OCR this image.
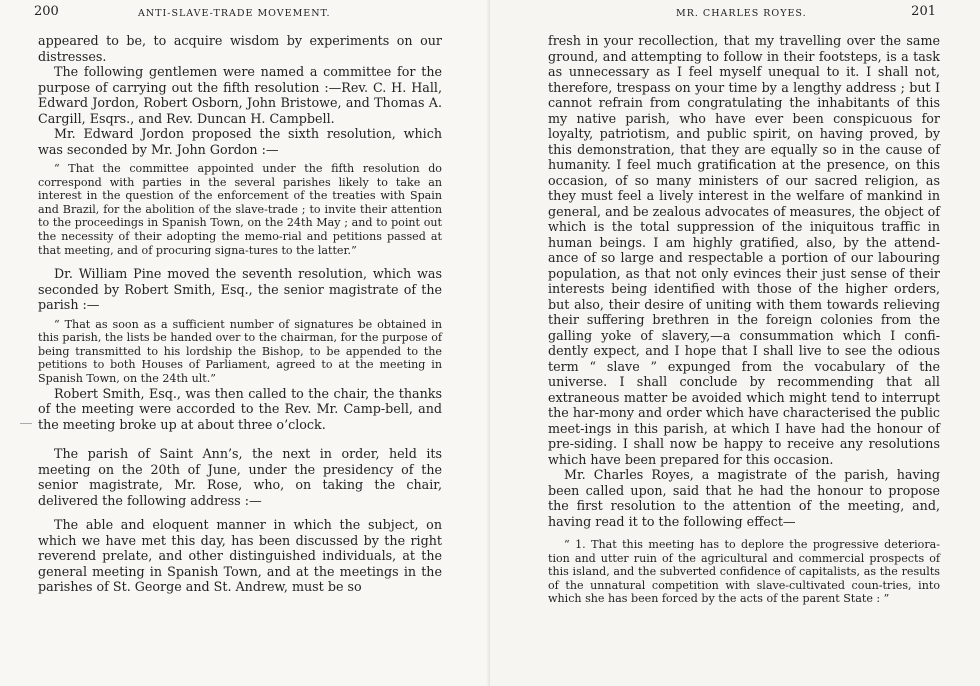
200	ANTI-SLAVE-TRADE MOVEMENT.

appeared to be, to acquire wisdom by experiments on our distresses.

The following gentlemen were named a committee for the purpose of carrying out the fifth resolution :—Rev. C. H. Hall, Edward Jordon, Robert Osborn, John Bristowe, and Thomas A. Cargill, Esqrs., and Rev. Duncan H. Campbell.

Mr. Edward Jordon proposed the sixth resolution, which was seconded by Mr. John Gordon :—

“ That the committee appointed under the fifth resolution do correspond with parties in the several parishes likely to take an interest in the question of the enforcement of the treaties with Spain and Brazil, for the abolition of the slave-trade ; to invite their attention to the proceedings in Spanish Town, on the 24th May ; and to point out the necessity of their adopting the memo-rial and petitions passed at that meeting, and of procuring signa-tures to the latter.”

Dr. William Pine moved the seventh resolution, which was seconded by Robert Smith, Esq., the senior magistrate of the parish :—

“ That as soon as a sufficient number of signatures be obtained in this parish, the lists be handed over to the chairman, for the purpose of being transmitted to his lordship the Bishop, to be appended to the petitions to both Houses of Parliament, agreed to at the meeting in Spanish Town, on the 24th ult.”

Robert Smith, Esq., was then called to the chair, the thanks of the meeting were accorded to the Rev. Mr. Camp-bell, and the meeting broke up at about three o’clock.

The parish of Saint Ann’s, the next in order, held its meeting on the 20th of June, under the presidency of the senior magistrate, Mr. Rose, who, on taking the chair, delivered the following address :—

The able and eloquent manner in which the subject, on which we have met this day, has been discussed by the right reverend prelate, and other distinguished individuals, at the general meeting in Spanish Town, and at the meetings in the parishes of St. George and St. Andrew, must be so

MR. CHARLES ROYES.	201

fresh in your recollection, that my travelling over the same ground, and attempting to follow in their footsteps, is a task as unnecessary as I feel myself unequal to it. I shall not, therefore, trespass on your time by a lengthy address ; but I cannot refrain from congratulating the inhabitants of this my native parish, who have ever been conspicuous for loyalty, patriotism, and public spirit, on having proved, by this demonstration, that they are equally so in the cause of humanity. I feel much gratification at the presence, on this occasion, of so many ministers of our sacred religion, as they must feel a lively interest in the welfare of mankind in general, and be zealous advocates of measures, the object of which is the total suppression of the iniquitous traffic in human beings. I am highly gratified, also, by the attend-ance of so large and respectable a portion of our labouring population, as that not only evinces their just sense of their interests being identified with those of the higher orders, but also, their desire of uniting with them towards relieving their suffering brethren in the foreign colonies from the galling yoke of slavery,—a consummation which I confi-dently expect, and I hope that I shall live to see the odious term “ slave ” expunged from the vocabulary of the universe. I shall conclude by recommending that all extraneous matter be avoided which might tend to interrupt the har-mony and order which have characterised the public meet-ings in this parish, at which I have had the honour of pre-siding. I shall now be happy to receive any resolutions which have been prepared for this occasion.

Mr. Charles Royes, a magistrate of the parish, having been called upon, said that he had the honour to propose the first resolution to the attention of the meeting, and, having read it to the following effect—

“ 1. That this meeting has to deplore the progressive deteriora-tion and utter ruin of the agricultural and commercial prospects of this island, and the subverted confidence of capitalists, as the results of the unnatural competition with slave-cultivated coun-tries, into which she has been forced by the acts of the parent State : ”
